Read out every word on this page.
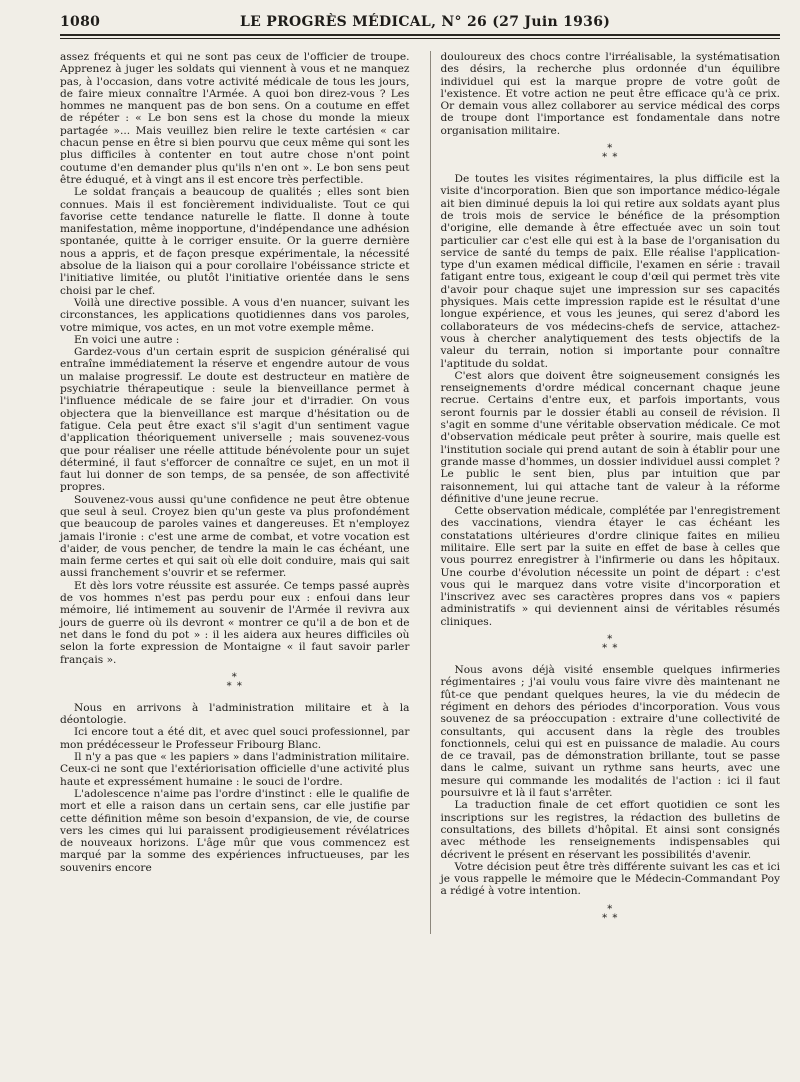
1080	LE PROGRÈS MÉDICAL, N° 26 (27 Juin 1936)

assez fréquents et qui ne sont pas ceux de l'officier de troupe. Apprenez à juger les soldats qui viennent à vous et ne manquez pas, à l'occasion, dans votre activité médicale de tous les jours, de faire mieux connaître l'Armée. A quoi bon direz-vous ? Les hommes ne manquent pas de bon sens. On a coutume en effet de répéter : « Le bon sens est la chose du monde la mieux partagée »... Mais veuillez bien relire le texte cartésien « car chacun pense en être si bien pourvu que ceux même qui sont les plus difficiles à contenter en tout autre chose n'ont point coutume d'en demander plus qu'ils n'en ont ». Le bon sens peut être éduqué, et à vingt ans il est encore très perfectible.

Le soldat français a beaucoup de qualités ; elles sont bien connues. Mais il est foncièrement individualiste. Tout ce qui favorise cette tendance naturelle le flatte. Il donne à toute manifestation, même inopportune, d'indépendance une adhésion spontanée, quitte à le corriger ensuite. Or la guerre dernière nous a appris, et de façon presque expérimentale, la nécessité absolue de la liaison qui a pour corollaire l'obéissance stricte et l'initiative limitée, ou plutôt l'initiative orientée dans le sens choisi par le chef.

Voilà une directive possible. A vous d'en nuancer, suivant les circonstances, les applications quotidiennes dans vos paroles, votre mimique, vos actes, en un mot votre exemple même.

En voici une autre :

Gardez-vous d'un certain esprit de suspicion généralisé qui entraîne immédiatement la réserve et engendre autour de vous un malaise progressif. Le doute est destructeur en matière de psychiatrie thérapeutique : seule la bienveillance permet à l'influence médicale de se faire jour et d'irradier. On vous objectera que la bienveillance est marque d'hésitation ou de fatigue. Cela peut être exact s'il s'agit d'un sentiment vague d'application théoriquement universelle ; mais souvenez-vous que pour réaliser une réelle attitude bénévolente pour un sujet déterminé, il faut s'efforcer de connaître ce sujet, en un mot il faut lui donner de son temps, de sa pensée, de son affectivité propres.

Souvenez-vous aussi qu'une confidence ne peut être obtenue que seul à seul. Croyez bien qu'un geste va plus profondément que beaucoup de paroles vaines et dangereuses. Et n'employez jamais l'ironie : c'est une arme de combat, et votre vocation est d'aider, de vous pencher, de tendre la main le cas échéant, une main ferme certes et qui sait où elle doit conduire, mais qui sait aussi franchement s'ouvrir et se refermer.

Et dès lors votre réussite est assurée. Ce temps passé auprès de vos hommes n'est pas perdu pour eux : enfoui dans leur mémoire, lié intimement au souvenir de l'Armée il revivra aux jours de guerre où ils devront « montrer ce qu'il a de bon et de net dans le fond du pot » : il les aidera aux heures difficiles où selon la forte expression de Montaigne « il faut savoir parler français ».

*
* *

Nous en arrivons à l'administration militaire et à la déontologie.

Ici encore tout a été dit, et avec quel souci professionnel, par mon prédécesseur le Professeur Fribourg Blanc.

Il n'y a pas que « les papiers » dans l'administration militaire. Ceux-ci ne sont que l'extériorisation officielle d'une activité plus haute et expressément humaine : le souci de l'ordre.

L'adolescence n'aime pas l'ordre d'instinct : elle le qualifie de mort et elle a raison dans un certain sens, car elle justifie par cette définition même son besoin d'expansion, de vie, de course vers les cimes qui lui paraissent prodigieusement révélatrices de nouveaux horizons. L'âge mûr que vous commencez est marqué par la somme des expériences infructueuses, par les souvenirs encore

douloureux des chocs contre l'irréalisable, la systématisation des désirs, la recherche plus ordonnée d'un équilibre individuel qui est la marque propre de votre goût de l'existence. Et votre action ne peut être efficace qu'à ce prix. Or demain vous allez collaborer au service médical des corps de troupe dont l'importance est fondamentale dans notre organisation militaire.

*
* *

De toutes les visites régimentaires, la plus difficile est la visite d'incorporation. Bien que son importance médico-légale ait bien diminué depuis la loi qui retire aux soldats ayant plus de trois mois de service le bénéfice de la présomption d'origine, elle demande à être effectuée avec un soin tout particulier car c'est elle qui est à la base de l'organisation du service de santé du temps de paix. Elle réalise l'application-type d'un examen médical difficile, l'examen en série : travail fatigant entre tous, exigeant le coup d'œil qui permet très vite d'avoir pour chaque sujet une impression sur ses capacités physiques. Mais cette impression rapide est le résultat d'une longue expérience, et vous les jeunes, qui serez d'abord les collaborateurs de vos médecins-chefs de service, attachez-vous à chercher analytiquement des tests objectifs de la valeur du terrain, notion si importante pour connaître l'aptitude du soldat.

C'est alors que doivent être soigneusement consignés les renseignements d'ordre médical concernant chaque jeune recrue. Certains d'entre eux, et parfois importants, vous seront fournis par le dossier établi au conseil de révision. Il s'agit en somme d'une véritable observation médicale. Ce mot d'observation médicale peut prêter à sourire, mais quelle est l'institution sociale qui prend autant de soin à établir pour une grande masse d'hommes, un dossier individuel aussi complet ? Le public le sent bien, plus par intuition que par raisonnement, lui qui attache tant de valeur à la réforme définitive d'une jeune recrue.

Cette observation médicale, complétée par l'enregistrement des vaccinations, viendra étayer le cas échéant les constatations ultérieures d'ordre clinique faites en milieu militaire. Elle sert par la suite en effet de base à celles que vous pourrez enregistrer à l'infirmerie ou dans les hôpitaux. Une courbe d'évolution nécessite un point de départ : c'est vous qui le marquez dans votre visite d'incorporation et l'inscrivez avec ses caractères propres dans vos « papiers administratifs » qui deviennent ainsi de véritables résumés cliniques.

*
* *

Nous avons déjà visité ensemble quelques infirmeries régimentaires ; j'ai voulu vous faire vivre dès maintenant ne fût-ce que pendant quelques heures, la vie du médecin de régiment en dehors des périodes d'incorporation. Vous vous souvenez de sa préoccupation : extraire d'une collectivité de consultants, qui accusent dans la règle des troubles fonctionnels, celui qui est en puissance de maladie. Au cours de ce travail, pas de démonstration brillante, tout se passe dans le calme, suivant un rythme sans heurts, avec une mesure qui commande les modalités de l'action : ici il faut poursuivre et là il faut s'arrêter.

La traduction finale de cet effort quotidien ce sont les inscriptions sur les registres, la rédaction des bulletins de consultations, des billets d'hôpital. Et ainsi sont consignés avec méthode les renseignements indispensables qui décrivent le présent en réservant les possibilités d'avenir.

Votre décision peut être très différente suivant les cas et ici je vous rappelle le mémoire que le Médecin-Commandant Poy a rédigé à votre intention.

*
* *
